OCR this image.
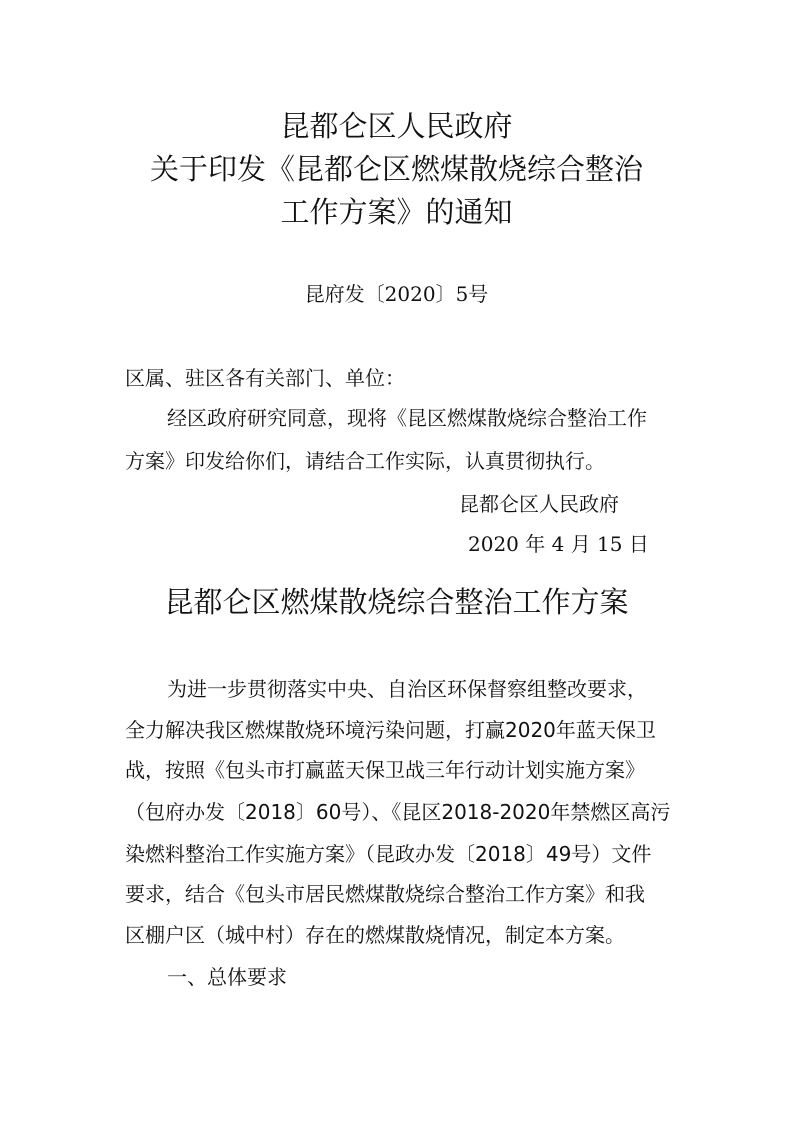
昆都仑区人民政府
关于印发《昆都仑区燃煤散烧综合整治
工作方案》的通知
昆府发〔2020〕5号
区属、驻区各有关部门、单位：
经区政府研究同意，现将《昆区燃煤散烧综合整治工作
方案》印发给你们，请结合工作实际，认真贯彻执行。
昆都仑区人民政府
2020 年 4 月 15 日
昆都仑区燃煤散烧综合整治工作方案
为进一步贯彻落实中央、自治区环保督察组整改要求，
全力解决我区燃煤散烧环境污染问题，打赢2020年蓝天保卫
战，按照《包头市打赢蓝天保卫战三年行动计划实施方案》
（包府办发〔2018〕60号）、《昆区2018-2020年禁燃区高污
染燃料整治工作实施方案》（昆政办发〔2018〕49号）文件
要求，结合《包头市居民燃煤散烧综合整治工作方案》和我
区棚户区（城中村）存在的燃煤散烧情况，制定本方案。
一、总体要求
